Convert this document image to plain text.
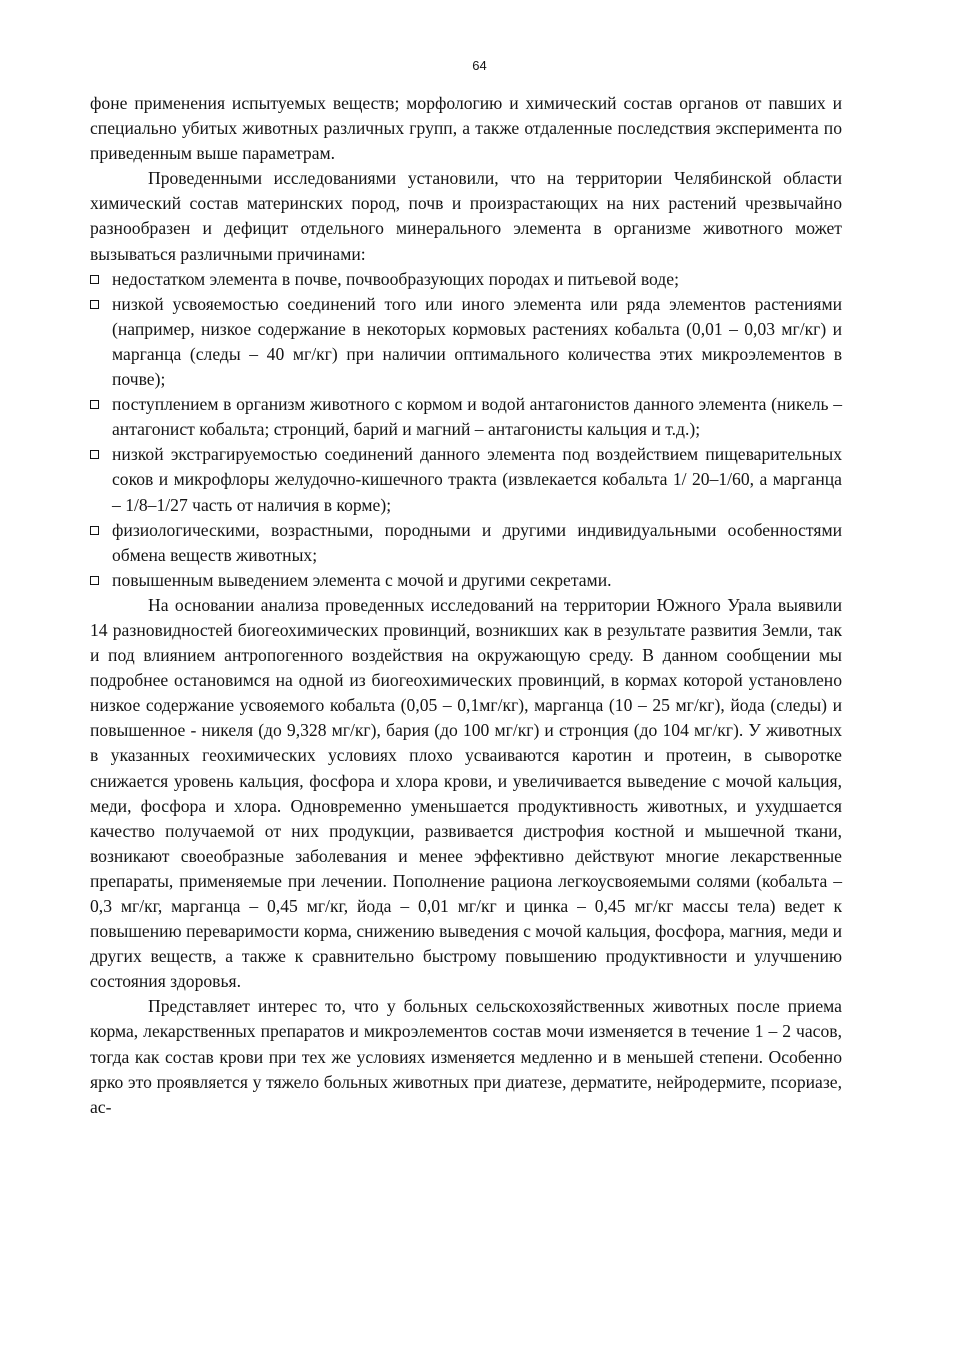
64

фоне применения испытуемых веществ; морфологию и химический состав органов от павших и специально убитых животных различных групп, а также отдаленные последствия эксперимента по приведенным выше параметрам.

Проведенными исследованиями установили, что на территории Челябинской области химический состав материнских пород, почв и произрастающих на них растений чрезвычайно разнообразен и дефицит отдельного минерального элемента в организме животного может вызываться различными причинами:

недостатком элемента в почве, почвообразующих породах и питьевой воде;
низкой усвояемостью соединений того или иного элемента или ряда элементов растениями (например, низкое содержание в некоторых кормовых растениях кобальта (0,01 – 0,03 мг/кг) и марганца (следы – 40 мг/кг) при наличии оптимального количества этих микроэлементов в почве);
поступлением в организм животного с кормом и водой антагонистов данного элемента (никель – антагонист кобальта; стронций, барий и магний – антагонисты кальция и т.д.);
низкой экстрагируемостью соединений данного элемента под воздействием пищеварительных соков и микрофлоры желудочно-кишечного тракта (извлекается кобальта 1/ 20–1/60, а марганца – 1/8–1/27 часть от наличия в корме);
физиологическими, возрастными, породными и другими индивидуальными особенностями обмена веществ животных;
повышенным выведением элемента с мочой и другими секретами.

На основании анализа проведенных исследований на территории Южного Урала выявили 14 разновидностей биогеохимических провинций, возникших как в результате развития Земли, так и под влиянием антропогенного воздействия на окружающую среду. В данном сообщении мы подробнее остановимся на одной из биогеохимических провинций, в кормах которой установлено низкое содержание усвояемого кобальта (0,05 – 0,1мг/кг), марганца (10 – 25 мг/кг), йода (следы) и повышенное - никеля (до 9,328 мг/кг), бария (до 100 мг/кг) и стронция (до 104 мг/кг). У животных в указанных геохимических условиях плохо усваиваются каротин и протеин, в сыворотке снижается уровень кальция, фосфора и хлора крови, и увеличивается выведение с мочой кальция, меди, фосфора и хлора. Одновременно уменьшается продуктивность животных, и ухудшается качество получаемой от них продукции, развивается дистрофия костной и мышечной ткани, возникают своеобразные заболевания и менее эффективно действуют многие лекарственные препараты, применяемые при лечении. Пополнение рациона легкоусвояемыми солями (кобальта – 0,3 мг/кг, марганца – 0,45 мг/кг, йода – 0,01 мг/кг и цинка – 0,45 мг/кг массы тела) ведет к повышению переваримости корма, снижению выведения с мочой кальция, фосфора, магния, меди и других веществ, а также к сравнительно быстрому повышению продуктивности и улучшению состояния здоровья.

Представляет интерес то, что у больных сельскохозяйственных животных после приема корма, лекарственных препаратов и микроэлементов состав мочи изменяется в течение 1 – 2 часов, тогда как состав крови при тех же условиях изменяется медленно и в меньшей степени. Особенно ярко это проявляется у тяжело больных животных при диатезе, дерматите, нейродермите, псориазе, ас-
